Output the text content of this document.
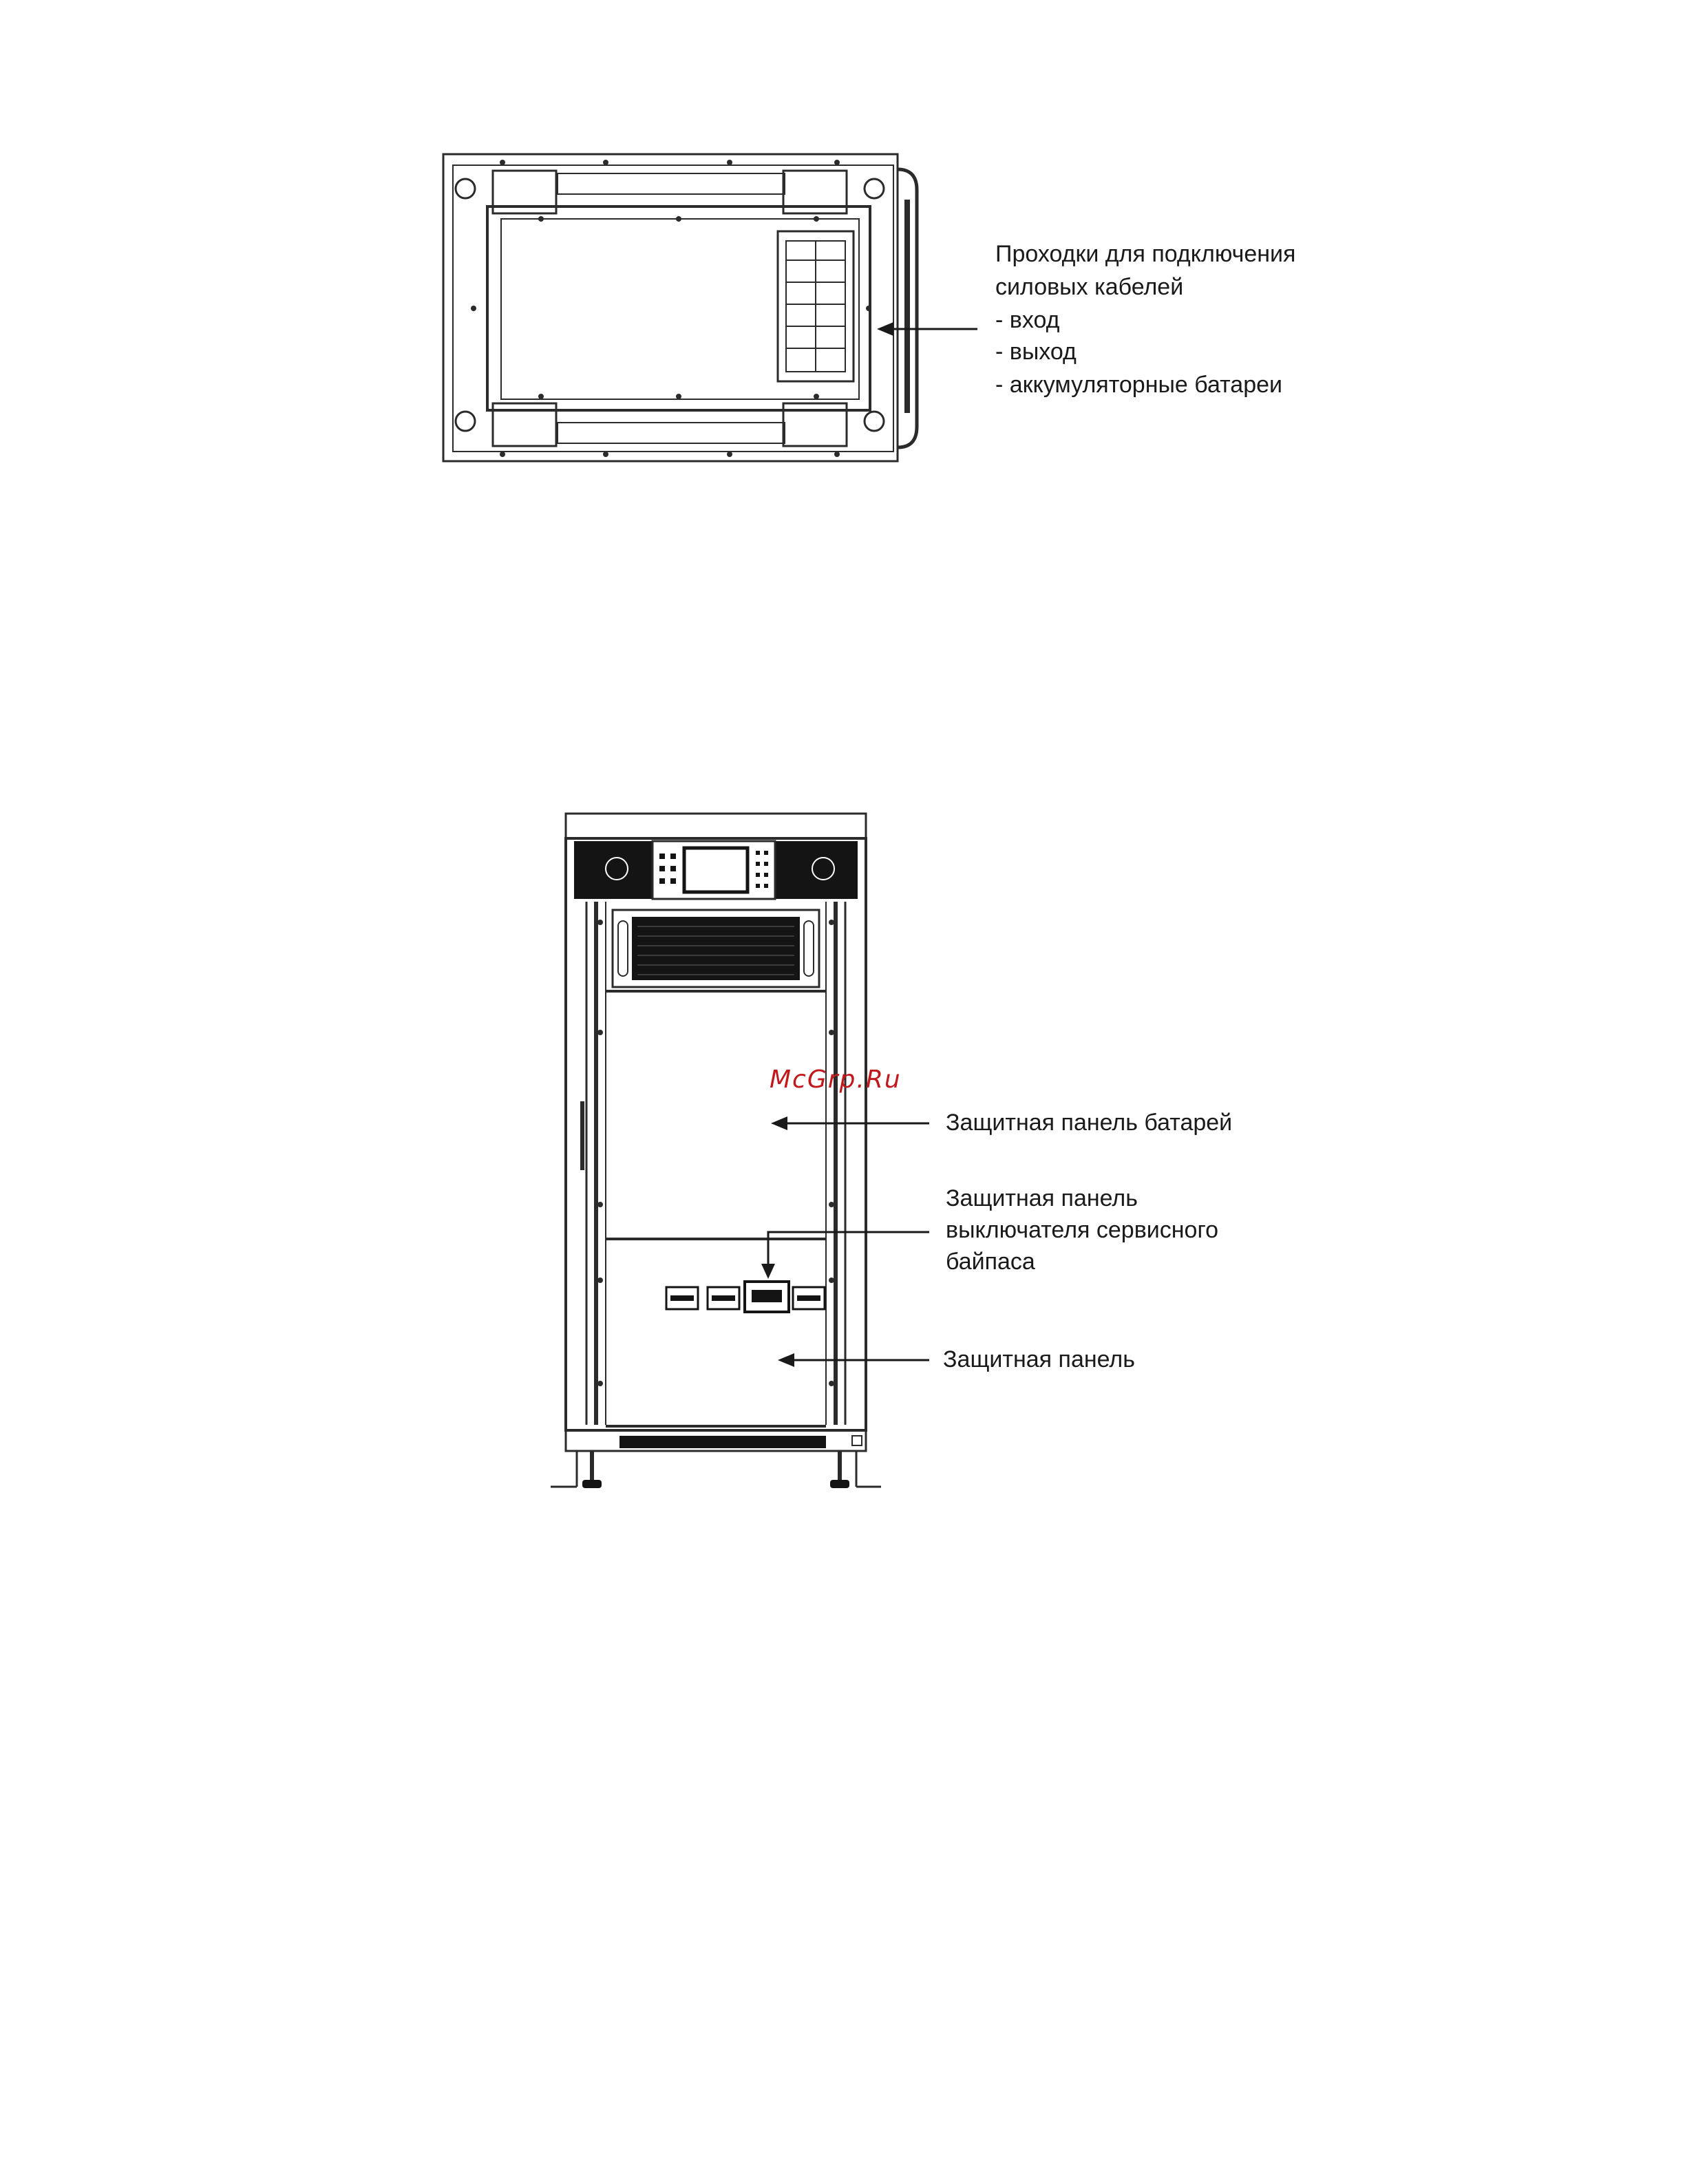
Проходки для подключения
силовых кабелей
- вход
- выход
- аккумуляторные батареи
Защитная панель батарей
Защитная панель
выключателя сервисного
байпаса
Защитная панель
McGrp.Ru
